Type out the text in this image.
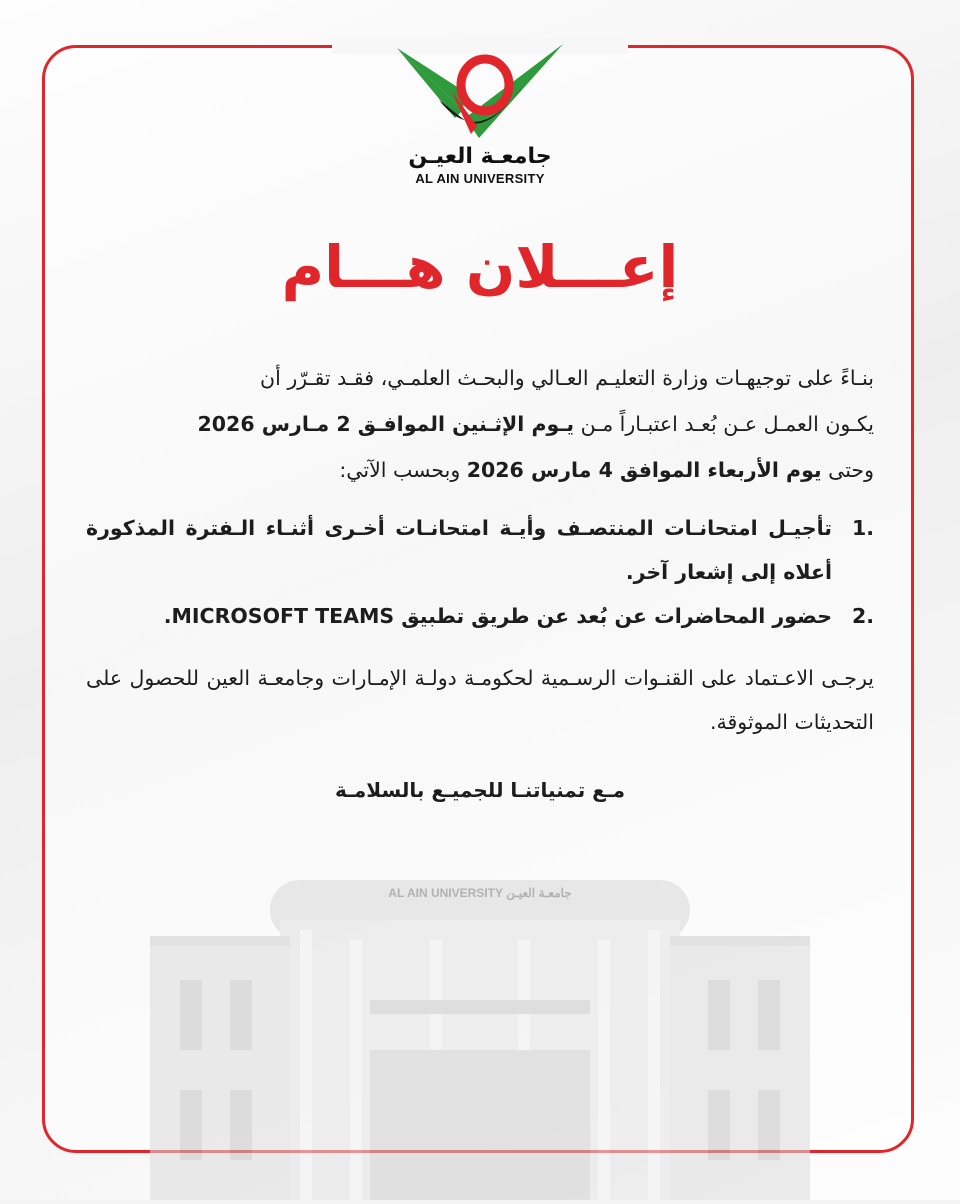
جامعـة العيـن
AL AIN UNIVERSITY
إعـــلان هـــام

بنـاءً على توجيهـات وزارة التعليـم العـالي والبحـث العلمـي، فقـد تقـرّر أن

يكـون العمـل عـن بُعـد اعتبـاراً مـن يـوم الإثـنين الموافـق 2 مـارس 2026

وحتى يوم الأربعاء الموافق 4 مارس 2026 وبحسب الآتي:

.1
تأجيـل امتحانـات المنتصـف وأيـة امتحانـات أخـرى أثنـاء الـفترة المذكورة أعلاه إلى إشعار آخر.
.2
حضور المحاضرات عن بُعد عن طريق تطبيق MICROSOFT TEAMS.
يرجـى الاعـتماد على القنـوات الرسـمية لحكومـة دولـة الإمـارات وجامعـة العين للحصول على التحديثات الموثوقة.
مـع تمنياتنـا للجميـع بالسلامـة
AL AIN UNIVERSITY جامعـة العيـن
